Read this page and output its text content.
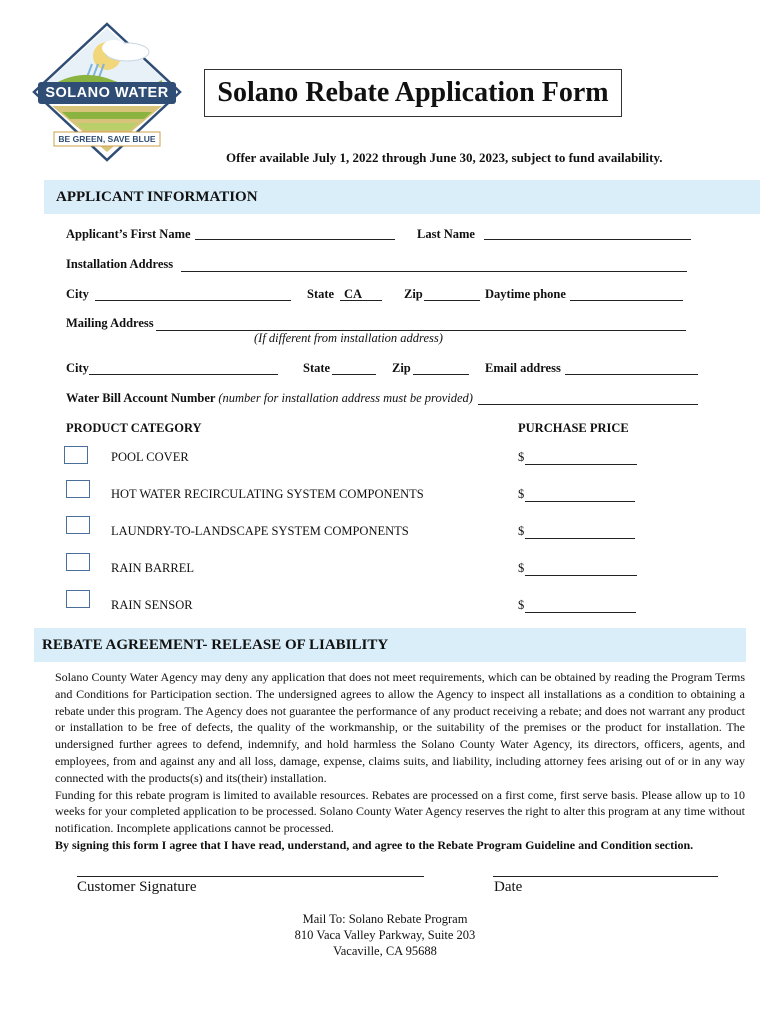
SOLANO WATER
BE GREEN, SAVE BLUE
Solano Rebate Application Form
Offer available July 1, 2022 through June 30, 2023, subject to fund availability.
APPLICANT INFORMATION
Applicant’s First Name	Last Name
Installation Address
City	State CA	Zip	Daytime phone
Mailing Address
(If different from installation address)
City	State	Zip	Email address
Water Bill Account Number (number for installation address must be provided)
PRODUCT CATEGORY	PURCHASE PRICE
POOL COVER	$
HOT WATER RECIRCULATING SYSTEM COMPONENTS	$
LAUNDRY-TO-LANDSCAPE SYSTEM COMPONENTS	$
RAIN BARREL	$
RAIN SENSOR	$
REBATE AGREEMENT- RELEASE OF LIABILITY

Solano County Water Agency may deny any application that does not meet requirements, which can be obtained by reading the Program Terms and Conditions for Participation section. The undersigned agrees to allow the Agency to inspect all installations as a condition to obtaining a rebate under this program. The Agency does not guarantee the performance of any product receiving a rebate; and does not warrant any product or installation to be free of defects, the quality of the workmanship, or the suitability of the premises or the product for installation. The undersigned further agrees to defend, indemnify, and hold harmless the Solano County Water Agency, its directors, officers, agents, and employees, from and against any and all loss, damage, expense, claims suits, and liability, including attorney fees arising out of or in any way connected with the products(s) and its(their) installation.

Funding for this rebate program is limited to available resources. Rebates are processed on a first come, first serve basis. Please allow up to 10 weeks for your completed application to be processed. Solano County Water Agency reserves the right to alter this program at any time without notification. Incomplete applications cannot be processed.

By signing this form I agree that I have read, understand, and agree to the Rebate Program Guideline and Condition section.

Customer Signature	Date
Mail To: Solano Rebate Program
810 Vaca Valley Parkway, Suite 203
Vacaville, CA 95688
